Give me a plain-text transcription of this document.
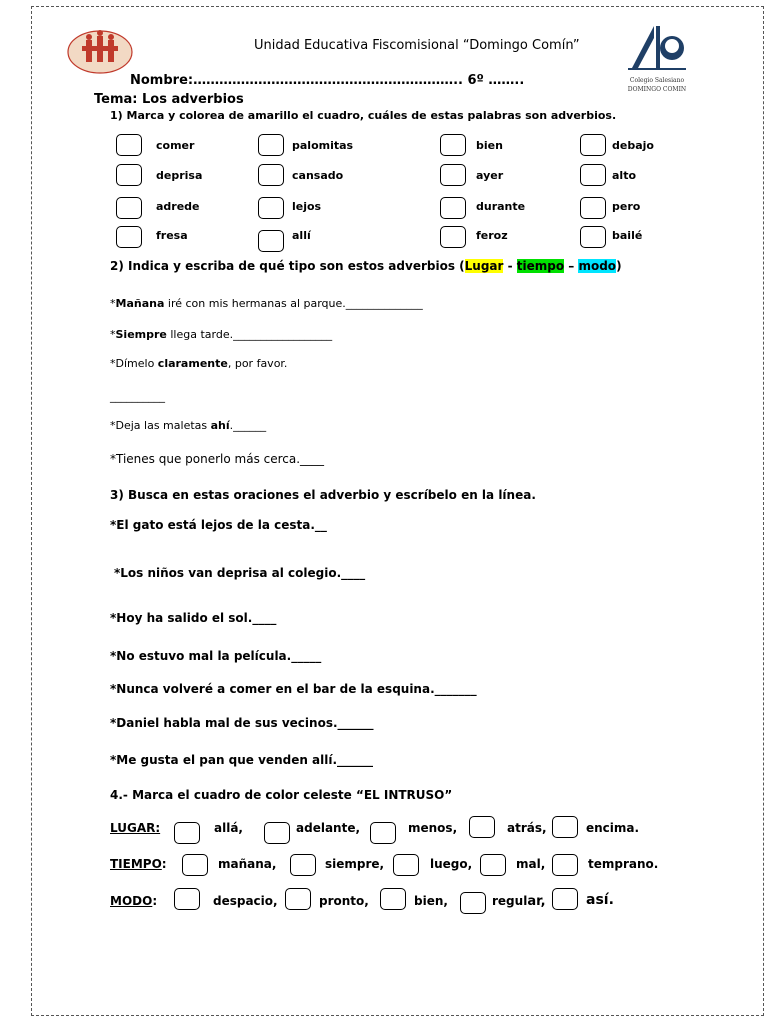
Colegio Salesiano
DOMINGO COMIN
Unidad Educativa Fiscomisional “Domingo Comín”
Nombre:…………………………………………………….. 6º ……..
Tema: Los adverbios
1) Marca y colorea de amarillo el cuadro, cuáles de estas palabras son adverbios.
comer	palomitas	bien	debajo
deprisa	cansado	ayer	alto
adrede	lejos	durante	pero
fresa	allí	feroz	bailé
2) Indica y escriba de qué tipo son estos adverbios (Lugar - tiempo – modo)
*Mañana iré con mis hermanas al parque.______________
*Siempre llega tarde.__________________
*Dímelo claramente, por favor.
__________
*Deja las maletas ahí.______
*Tienes que ponerlo más cerca.____
3) Busca en estas oraciones el adverbio y escríbelo en la línea.
*El gato está lejos de la cesta.__
*Los niños van deprisa al colegio.____
*Hoy ha salido el sol.____
*No estuvo mal la película._____
*Nunca volveré a comer en el bar de la esquina._______
*Daniel habla mal de sus vecinos.______
*Me gusta el pan que venden allí.______
4.- Marca el cuadro de color celeste “EL INTRUSO”
LUGAR:	allá,	adelante,	menos,	atrás,	encima.
TIEMPO:	mañana,	siempre,	luego,	mal,	temprano.
MODO:	despacio,	pronto,	bien,	regular,	así.
